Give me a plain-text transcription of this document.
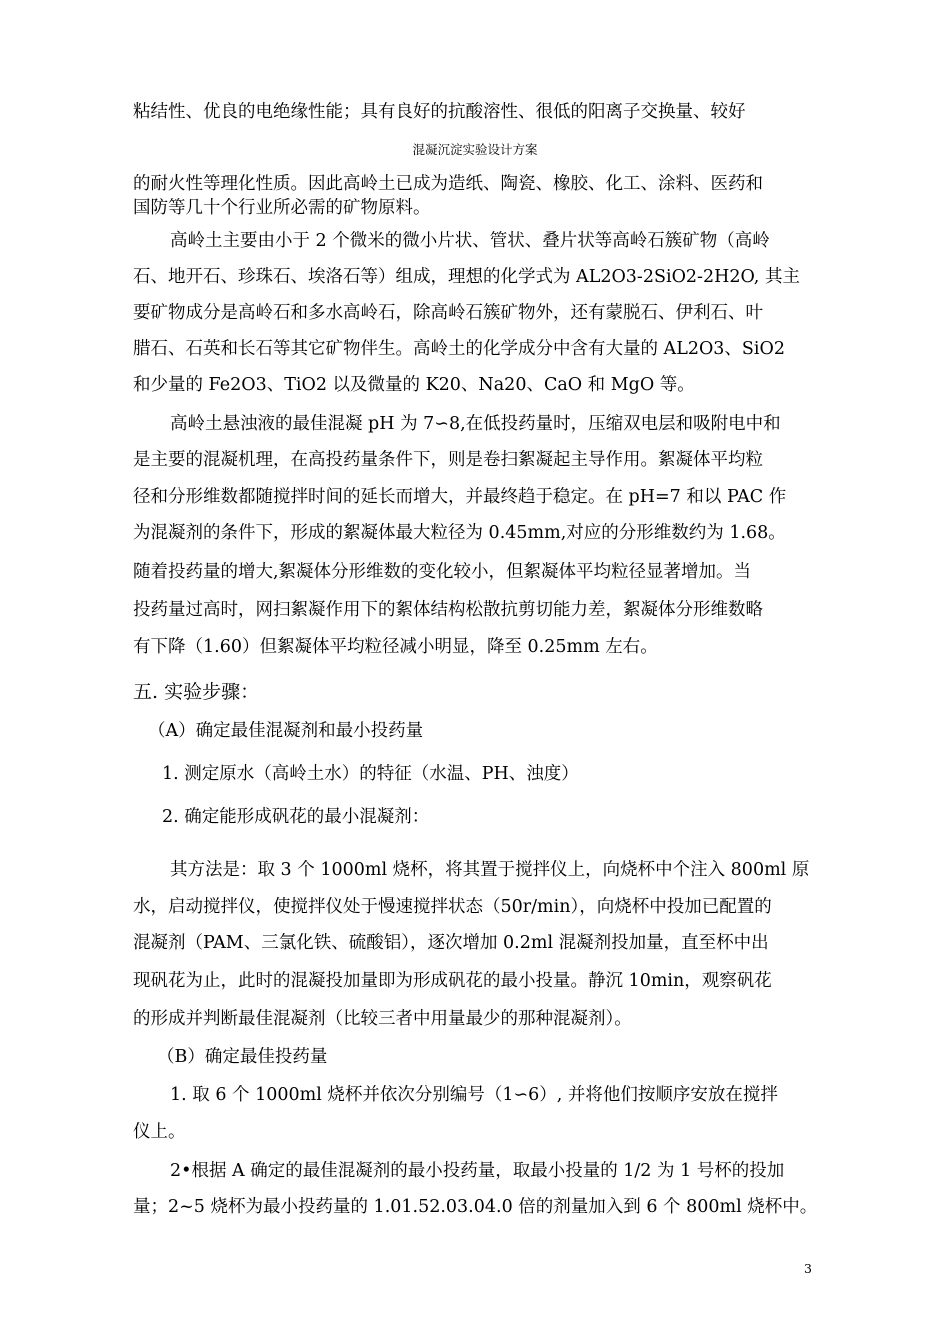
粘结性、优良的电绝缘性能；具有良好的抗酸溶性、很低的阳离子交换量、较好
混凝沉淀实验设计方案
的耐火性等理化性质。因此高岭土已成为造纸、陶瓷、橡胶、化工、涂料、医药和
国防等几十个行业所必需的矿物原料。
高岭土主要由小于 2 个微米的微小片状、管状、叠片状等高岭石簇矿物（高岭
石、地开石、珍珠石、埃洛石等）组成，理想的化学式为 AL2O3-2SiO2-2H2O, 其主
要矿物成分是高岭石和多水高岭石，除高岭石簇矿物外，还有蒙脱石、伊利石、叶
腊石、石英和长石等其它矿物伴生。高岭土的化学成分中含有大量的 AL2O3、SiO2
和少量的 Fe2O3、TiO2 以及微量的 K20、Na20、CaO 和 MgO 等。
高岭土悬浊液的最佳混凝 pH 为 7∽8,在低投药量时，压缩双电层和吸附电中和
是主要的混凝机理，在高投药量条件下，则是卷扫絮凝起主导作用。絮凝体平均粒
径和分形维数都随搅拌时间的延长而增大，并最终趋于稳定。在 pH=7 和以 PAC 作
为混凝剂的条件下，形成的絮凝体最大粒径为 0.45mm,对应的分形维数约为 1.68。
随着投药量的增大,絮凝体分形维数的变化较小，但絮凝体平均粒径显著增加。当
投药量过高时，网扫絮凝作用下的絮体结构松散抗剪切能力差，絮凝体分形维数略
有下降（1.60）但絮凝体平均粒径减小明显，降至 0.25mm 左右。
五. 实验步骤：
（A）确定最佳混凝剂和最小投药量
1. 测定原水（高岭土水）的特征（水温、PH、浊度）
2. 确定能形成矾花的最小混凝剂：
其方法是：取 3 个 1000ml 烧杯，将其置于搅拌仪上，向烧杯中个注入 800ml 原
水，启动搅拌仪，使搅拌仪处于慢速搅拌状态（50r/min），向烧杯中投加已配置的
混凝剂（PAM、三氯化铁、硫酸铝），逐次增加 0.2ml 混凝剂投加量，直至杯中出
现矾花为止，此时的混凝投加量即为形成矾花的最小投量。静沉 10min，观察矾花
的形成并判断最佳混凝剂（比较三者中用量最少的那种混凝剂）。
（B）确定最佳投药量
1. 取 6 个 1000ml 烧杯并依次分别编号（1∽6）, 并将他们按顺序安放在搅拌
仪上。
2•根据 A 确定的最佳混凝剂的最小投药量，取最小投量的 1/2 为 1 号杯的投加
量；2~5 烧杯为最小投药量的 1.01.52.03.04.0 倍的剂量加入到 6 个 800ml 烧杯中。
3
